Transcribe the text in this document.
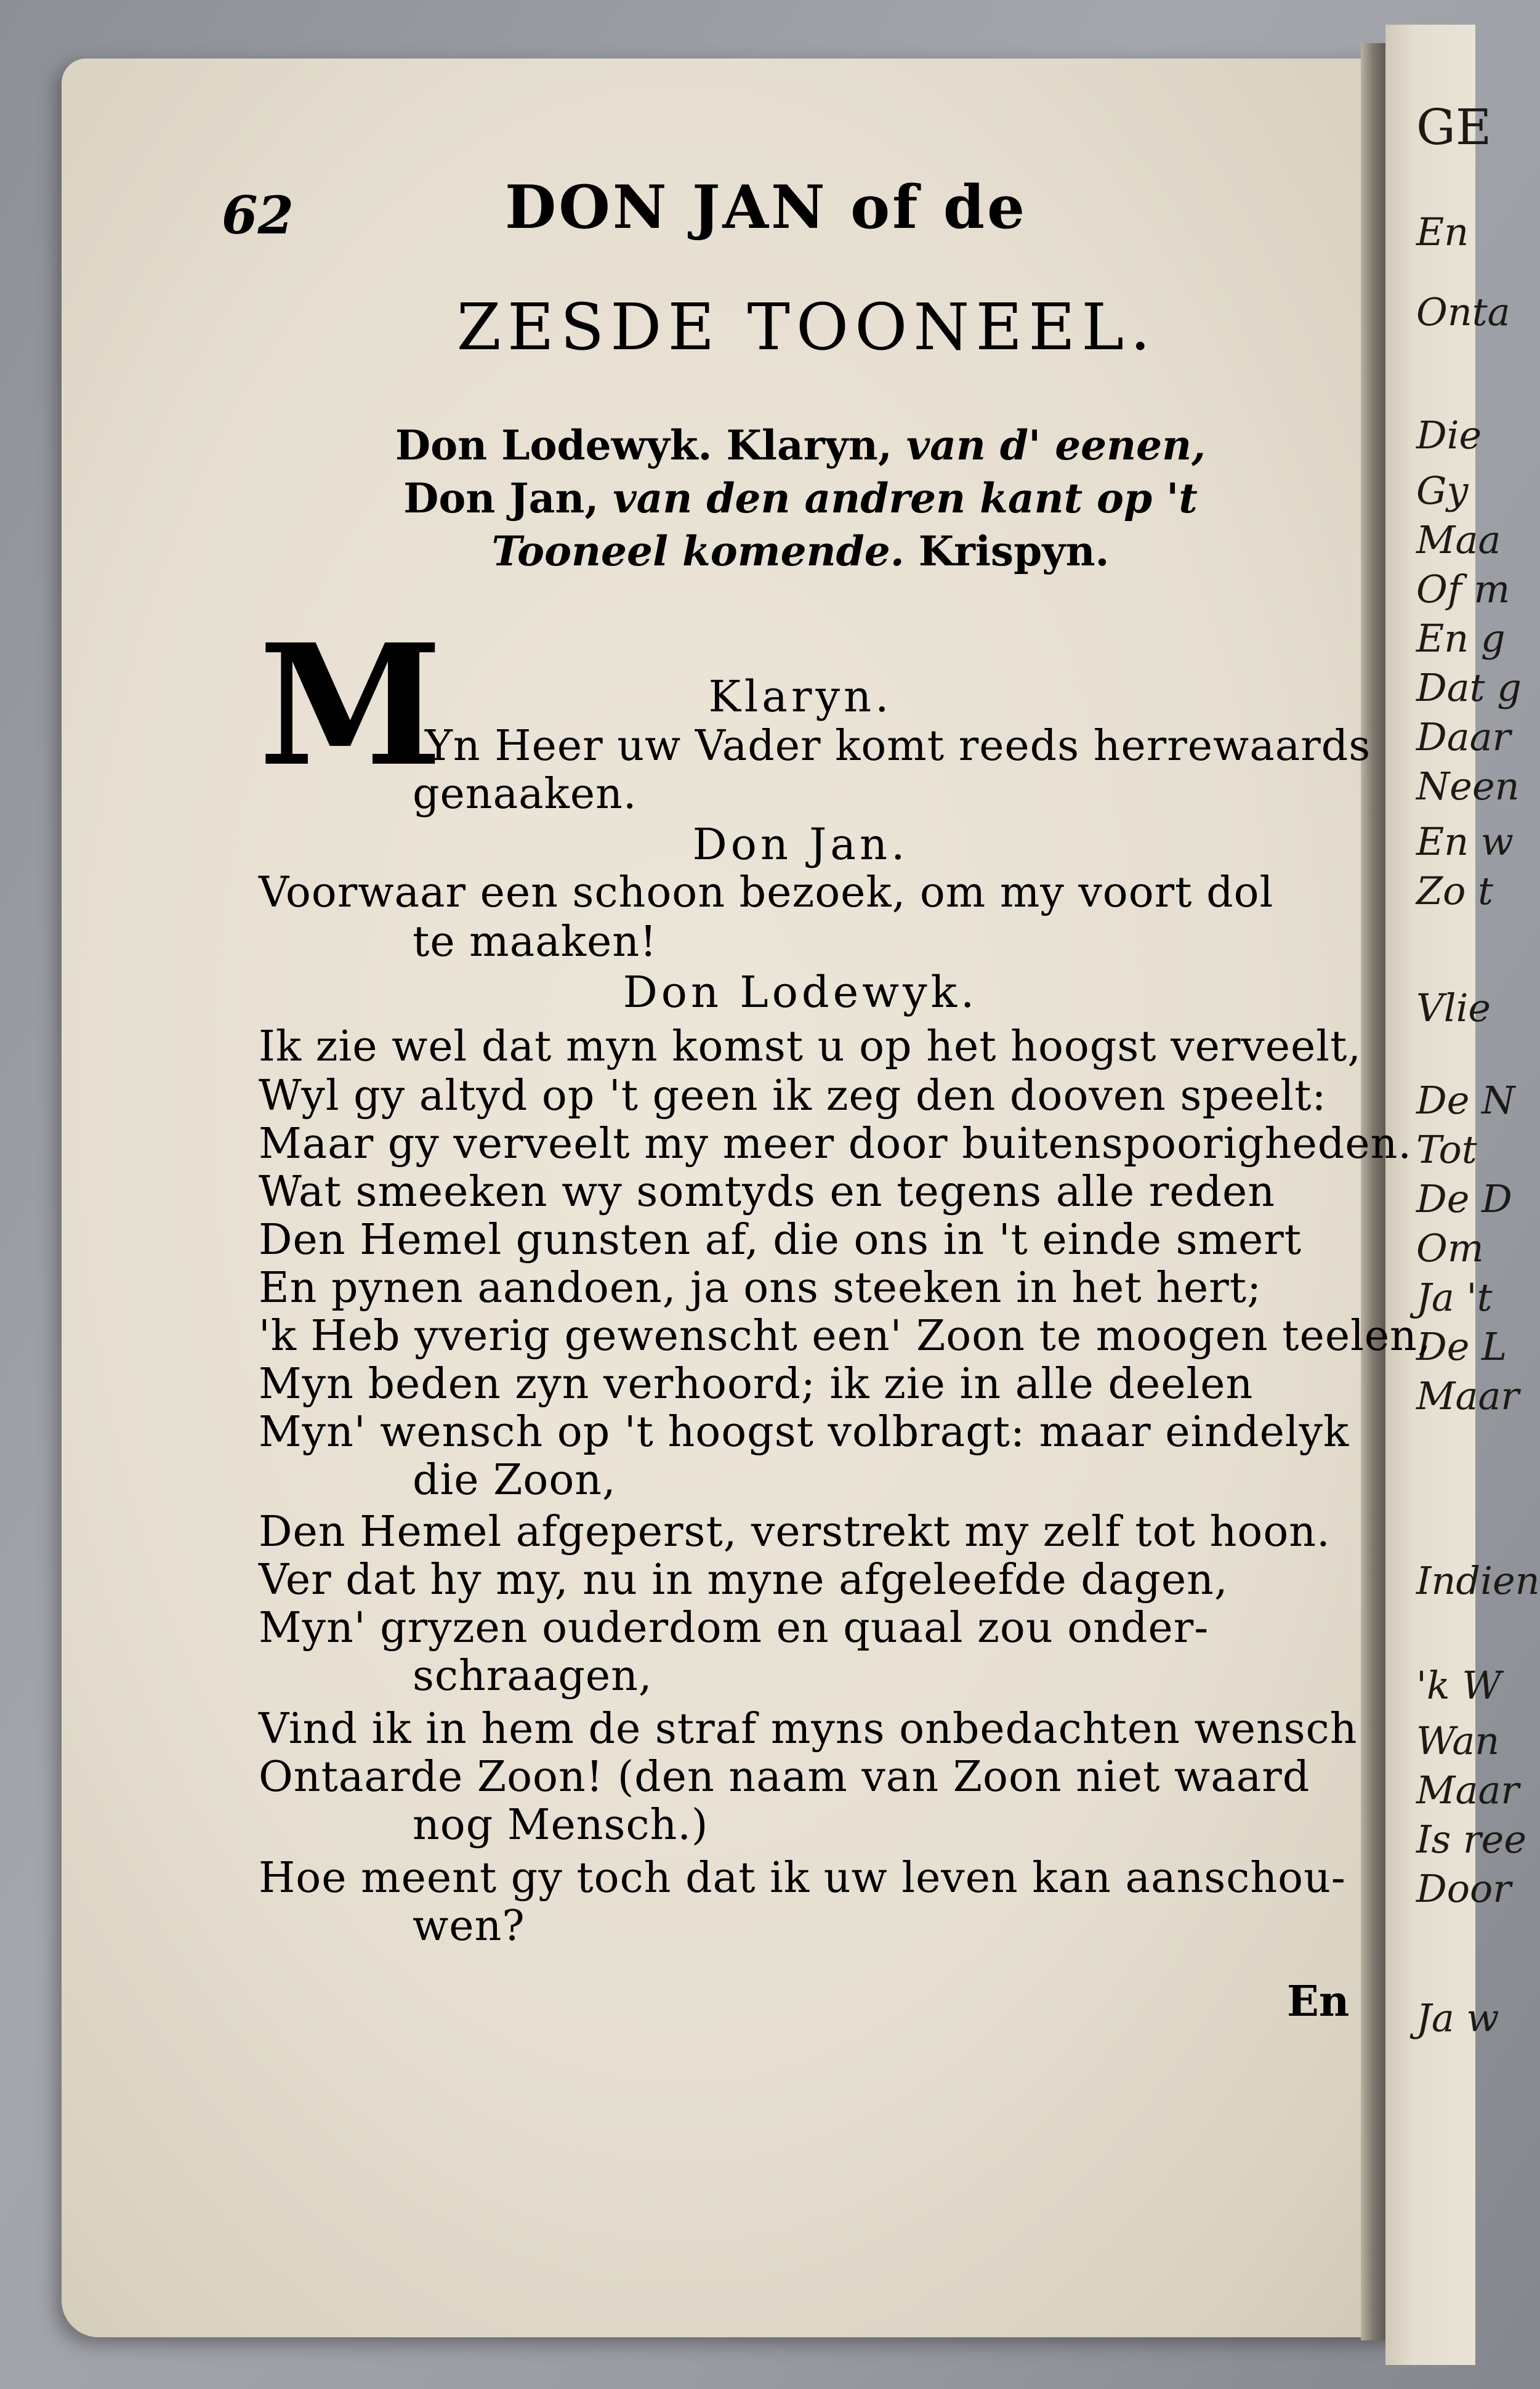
GE
En
Onta
Die
Gy
Maa
Of m
En g
Dat g
Daar
Neen
En w
Zo t
Vlie
De N
Tot
De D
Om
Ja 't
De L
Maar
Indien
'k W
Wan
Maar
Is ree
Door
Ja w
62	DON JAN of de
ZESDE TOONEEL.
Don Lodewyk. Klaryn, van d' eenen,
Don Jan, van den andren kant op 't
Tooneel komende. Krispyn.
M	Klaryn.
Yn Heer uw Vader komt reeds herrewaards
genaaken.
Don Jan.
Voorwaar een schoon bezoek, om my voort dol
te maaken!
Don Lodewyk.
Ik zie wel dat myn komst u op het hoogst verveelt,
Wyl gy altyd op 't geen ik zeg den dooven speelt:
Maar gy verveelt my meer door buitenspoorigheden.
Wat smeeken wy somtyds en tegens alle reden
Den Hemel gunsten af, die ons in 't einde smert
En pynen aandoen, ja ons steeken in het hert;
'k Heb yverig gewenscht een' Zoon te moogen teelen,
Myn beden zyn verhoord; ik zie in alle deelen
Myn' wensch op 't hoogst volbragt: maar eindelyk
die Zoon,
Den Hemel afgeperst, verstrekt my zelf tot hoon.
Ver dat hy my, nu in myne afgeleefde dagen,
Myn' gryzen ouderdom en quaal zou onder-
schraagen,
Vind ik in hem de straf myns onbedachten wensch
Ontaarde Zoon! (den naam van Zoon niet waard
nog Mensch.)
Hoe meent gy toch dat ik uw leven kan aanschou-
wen?
En
